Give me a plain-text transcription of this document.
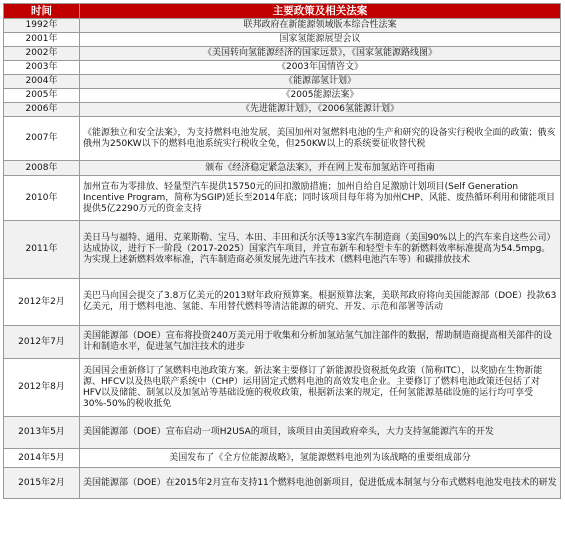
时间	主要政策及相关法案
1992年	联邦政府在新能源领域版本综合性法案
2001年	国家氢能源展望会议
2002年	《美国转向氢能源经济的国家远景》，《国家氢能源路线图》
2003年	《2003年国情咨文》
2004年	《能源部氢计划》
2005年	《2005能源法案》
2006年	《先进能源计划》，《2006氢能源计划》
2007年	《能源独立和安全法案》，为支持燃料电池发展，美国加州对氢燃料电池的生产和研究的设备实行税收全面的政策；俄亥俄州为250KW以下的燃料电池系统实行税收全免，但250KW以上的系统要征收替代税
2008年	颁布《经济稳定紧急法案》，并在网上发布加氢站许可指南
2010年	加州宣布为零排放、轻量型汽车提供15750元的回扣激励措施；加州自给自足激励计划项目(Self Generation Incentive Program，简称为SGIP)延长至2014年底；同时该项目每年将为加州CHP、风能、废热循环利用和储能项目提供5亿2290万元的资金支持
2011年	美日马与福特、通用、克莱斯勒、宝马、本田、丰田和沃尔沃等13家汽车制造商（美国90%以上的汽车来自这些公司）达成协议，进行下一阶段（2017-2025）国家汽车项目，并宣布新车和轻型卡车的新燃料效率标准提高为54.5mpg。为实现上述新燃料效率标准，汽车制造商必须发展先进汽车技术（燃料电池汽车等）和碳排放技术
2012年2月	美巴马向国会提交了3.8万亿美元的2013财年政府预算案。根据预算法案，美联邦政府将向美国能源部（DOE）投款63亿美元，用于燃料电池、氢能、车用替代燃料等清洁能源的研究、开发、示范和部署等活动
2012年7月	美国能源部（DOE）宣布将投资240万美元用于收集和分析加氢站氢气加注部件的数据，帮助制造商提高相关部件的设计和制造水平，促进氢气加注技术的进步
2012年8月	美国国会重新修订了氢燃料电池政策方案。新法案主要修订了新能源投资税抵免政策（简称ITC），以奖励在生物新能源、HFCV以及热电联产系统中（CHP）运用固定式燃料电池的高效发电企业。主要修订了燃料电池政策还包括了对HFV以及储能、制氢以及加氢站等基础设施的税收政策，根据新法案的规定，任何氢能源基础设施的运行均可享受30%-50%的税收抵免
2013年5月	美国能源部（DOE）宣布启动一项H2USA的项目，该项目由美国政府牵头，大力支持氢能源汽车的开发
2014年5月	美国发布了《全方位能源战略》，氢能源燃料电池列为该战略的重要组成部分
2015年2月	美国能源部（DOE）在2015年2月宣布支持11个燃料电池创新项目，促进低成本制氢与分布式燃料电池发电技术的研发
